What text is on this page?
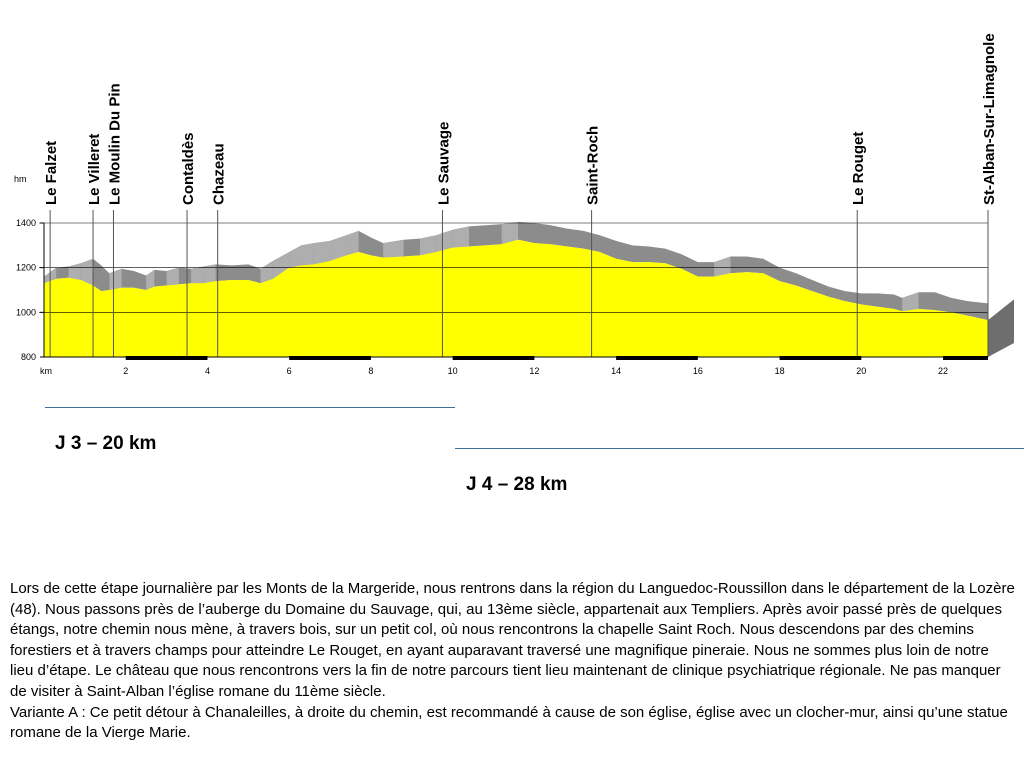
Le Falzet Le Villeret Le Moulin Du Pin	Contaldès Chazeau	Le Sauvage	Saint-Roch	Le Rouget	St-Alban-Sur-Limagnole
800
1000
1200
1400
2	4	6	8	10	12	14	16	18	20	22
km
hm

J 3 – 20 km

J 4 – 28 km

Lors de cette étape journalière par les Monts de la Margeride, nous rentrons dans la région du Languedoc-Roussillon dans le département de la Lozère (48). Nous passons près de l’auberge du Domaine du Sauvage, qui, au 13ème siècle, appartenait aux Templiers. Après avoir passé près de quelques étangs, notre chemin nous mène, à travers bois, sur un petit col, où nous rencontrons la chapelle Saint Roch. Nous descendons par des chemins forestiers et à travers champs pour atteindre Le Rouget, en ayant auparavant traversé une magnifique pineraie. Nous ne sommes plus loin de notre lieu d’étape. Le château que nous rencontrons vers la fin de notre parcours tient lieu maintenant de clinique psychiatrique régionale. Ne pas manquer de visiter à Saint-Alban l’église romane du 11ème siècle.

Variante A : Ce petit détour à Chanaleilles, à droite du chemin, est recommandé à cause de son église, église avec un clocher-mur, ainsi qu’une statue romane de la Vierge Marie.
